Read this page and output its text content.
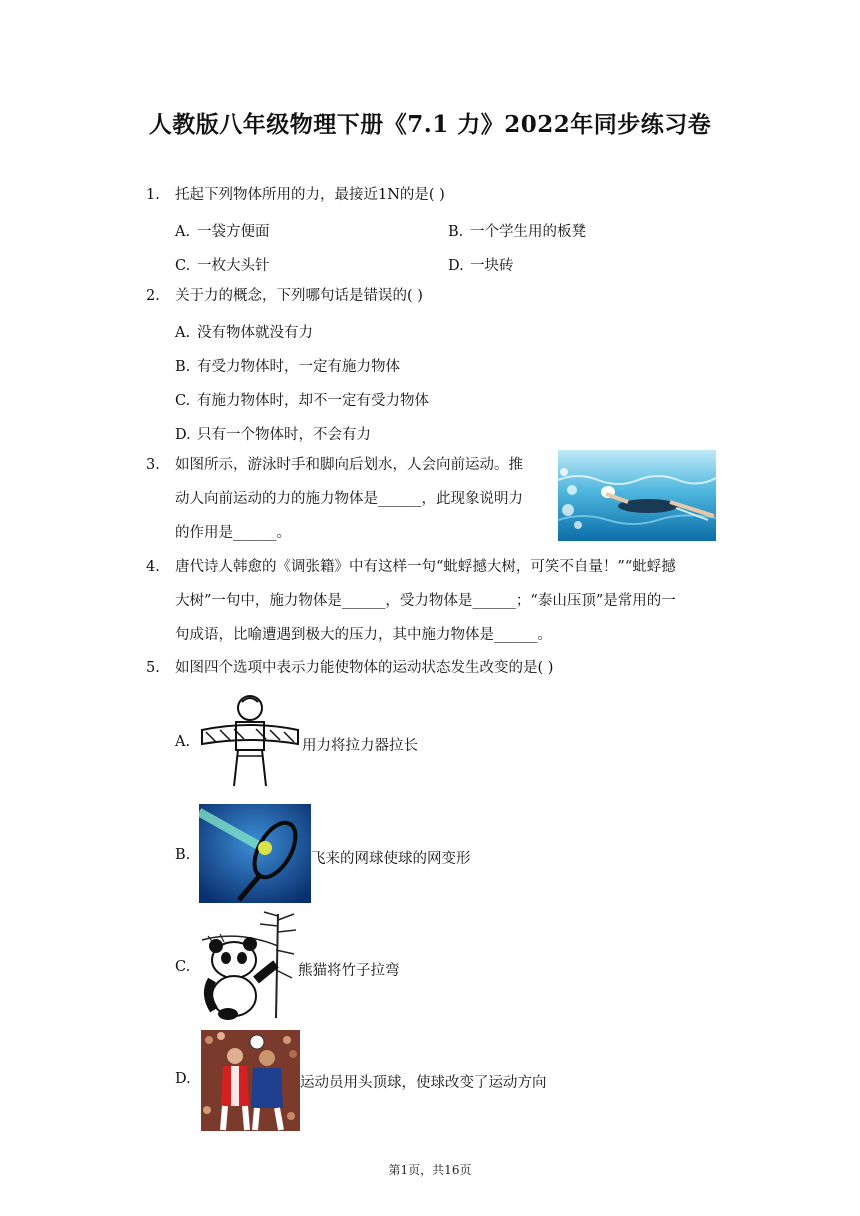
人教版八年级物理下册《7.1 力》2022年同步练习卷
1. 托起下列物体所用的力，最接近1N的是( )
A. 一袋方便面	B. 一个学生用的板凳
C. 一枚大头针	D. 一块砖
2. 关于力的概念，下列哪句话是错误的( )
A. 没有物体就没有力
B. 有受力物体时，一定有施力物体
C. 有施力物体时，却不一定有受力物体
D. 只有一个物体时，不会有力
3. 如图所示，游泳时手和脚向后划水，人会向前运动。推
动人向前运动的力的施力物体是______，此现象说明力
的作用是______。
4. 唐代诗人韩愈的《调张籍》中有这样一句“蚍蜉撼大树，可笑不自量！”“蚍蜉撼
大树”一句中，施力物体是______，受力物体是______；“泰山压顶”是常用的一
句成语，比喻遭遇到极大的压力，其中施力物体是______。
5. 如图四个选项中表示力能使物体的运动状态发生改变的是( )
A.	用力将拉力器拉长
B.	飞来的网球使球的网变形
C.	熊猫将竹子拉弯
D.	运动员用头顶球，使球改变了运动方向
第1页，共16页
